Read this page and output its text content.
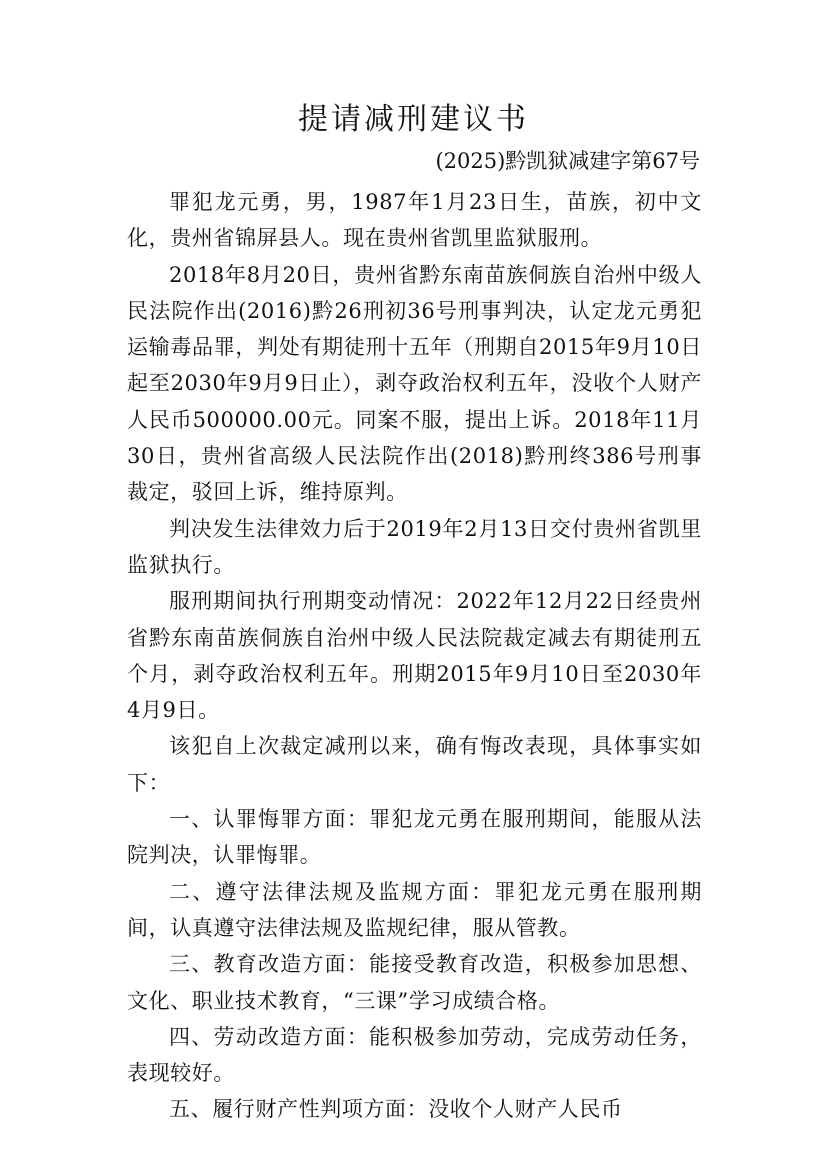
提请减刑建议书

(2025)黔凯狱减建字第67号

罪犯龙元勇，男，1987年1月23日生，苗族，初中文化，贵州省锦屏县人。现在贵州省凯里监狱服刑。

2018年8月20日，贵州省黔东南苗族侗族自治州中级人民法院作出(2016)黔26刑初36号刑事判决，认定龙元勇犯运输毒品罪，判处有期徒刑十五年（刑期自2015年9月10日起至2030年9月9日止），剥夺政治权利五年，没收个人财产人民币500000.00元。同案不服，提出上诉。2018年11月30日，贵州省高级人民法院作出(2018)黔刑终386号刑事裁定，驳回上诉，维持原判。

判决发生法律效力后于2019年2月13日交付贵州省凯里监狱执行。

服刑期间执行刑期变动情况：2022年12月22日经贵州省黔东南苗族侗族自治州中级人民法院裁定减去有期徒刑五个月，剥夺政治权利五年。刑期2015年9月10日至2030年4月9日。

该犯自上次裁定减刑以来，确有悔改表现，具体事实如下：

一、认罪悔罪方面：罪犯龙元勇在服刑期间，能服从法院判决，认罪悔罪。

二、遵守法律法规及监规方面：罪犯龙元勇在服刑期间，认真遵守法律法规及监规纪律，服从管教。

三、教育改造方面：能接受教育改造，积极参加思想、文化、职业技术教育，“三课”学习成绩合格。

四、劳动改造方面：能积极参加劳动，完成劳动任务，表现较好。

五、履行财产性判项方面：没收个人财产人民币
